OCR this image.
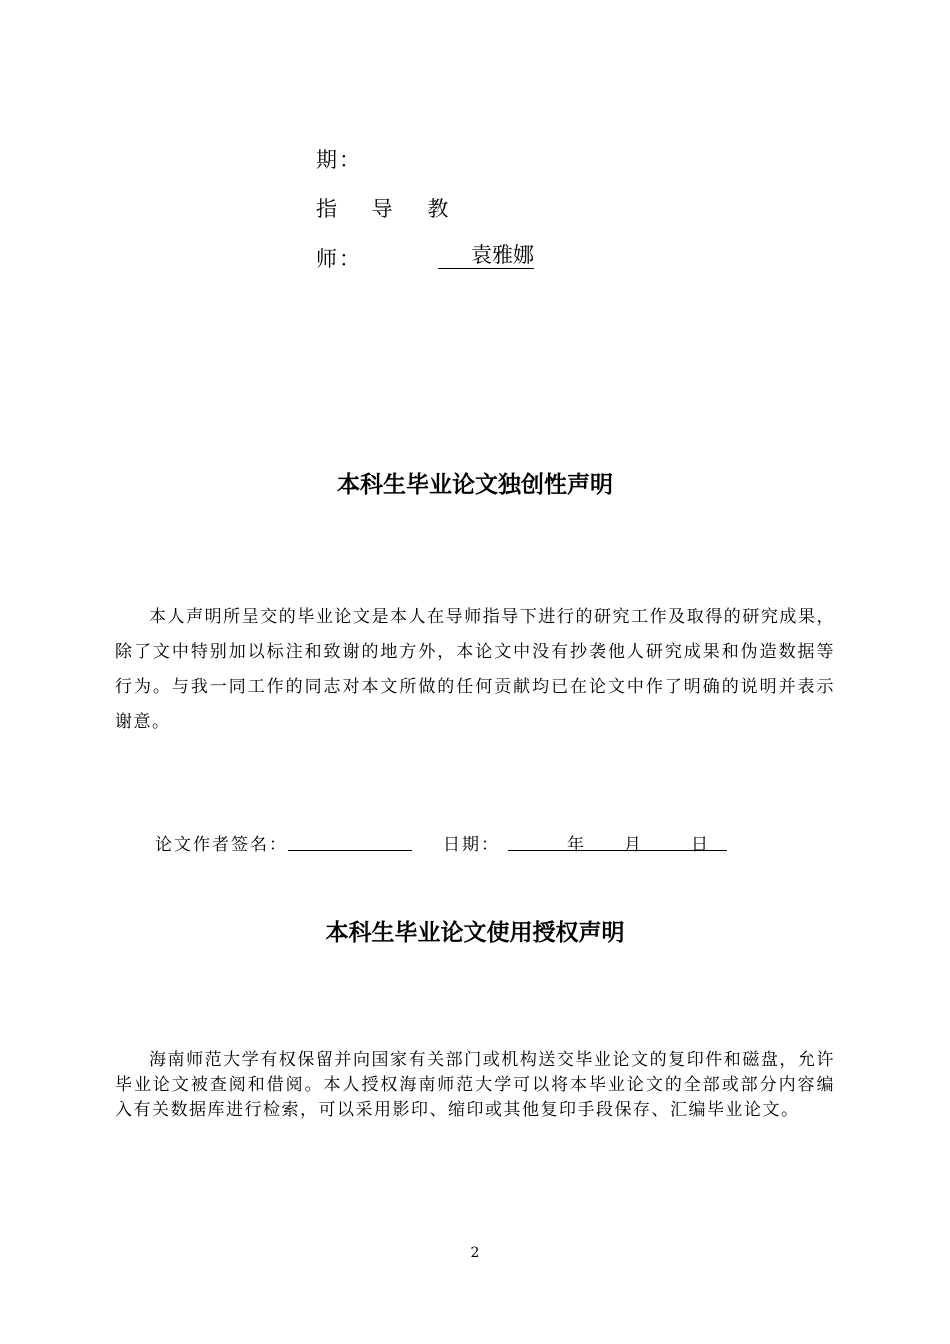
期：
指 导 教
师：	袁雅娜
本科生毕业论文独创性声明
本人声明所呈交的毕业论文是本人在导师指导下进行的研究工作及取得的研究成果，除了文中特别加以标注和致谢的地方外，本论文中没有抄袭他人研究成果和伪造数据等行为。与我一同工作的同志对本文所做的任何贡献均已在论文中作了明确的说明并表示谢意。
论文作者签名：	日期：	年 月	日
本科生毕业论文使用授权声明
海南师范大学有权保留并向国家有关部门或机构送交毕业论文的复印件和磁盘，允许毕业论文被查阅和借阅。本人授权海南师范大学可以将本毕业论文的全部或部分内容编入有关数据库进行检索，可以采用影印、缩印或其他复印手段保存、汇编毕业论文。
2
